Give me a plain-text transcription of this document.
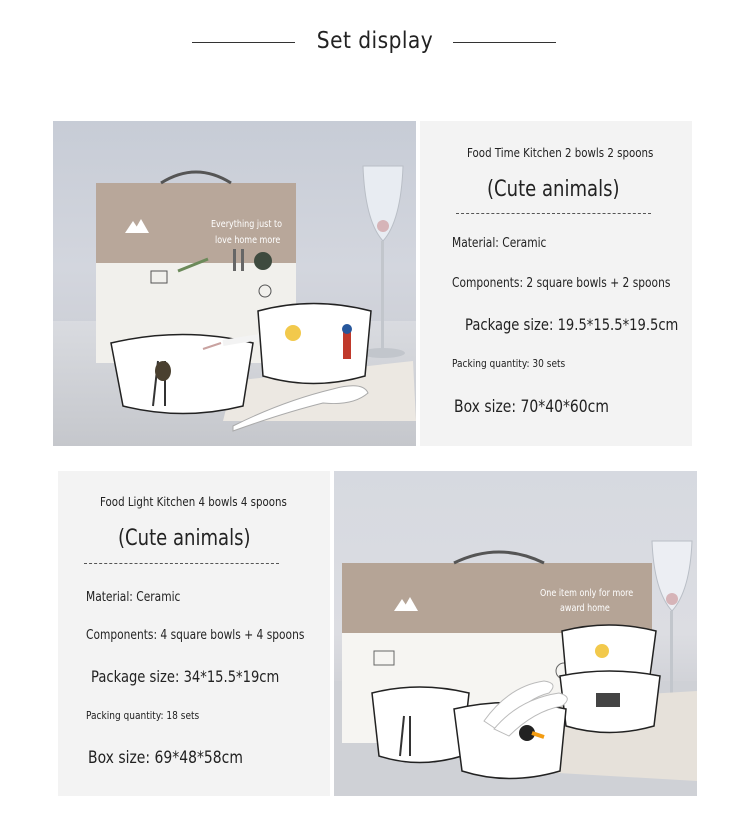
Set display
Everything just to
love home more
Food Time Kitchen 2 bowls 2 spoons
(Cute animals)
Material: Ceramic
Components: 2 square bowls + 2 spoons
Package size: 19.5*15.5*19.5cm
Packing quantity: 30 sets
Box size: 70*40*60cm
Food Light Kitchen 4 bowls 4 spoons
(Cute animals)
Material: Ceramic
Components: 4 square bowls + 4 spoons
Package size: 34*15.5*19cm
Packing quantity: 18 sets
Box size: 69*48*58cm
One item only for more
award home
